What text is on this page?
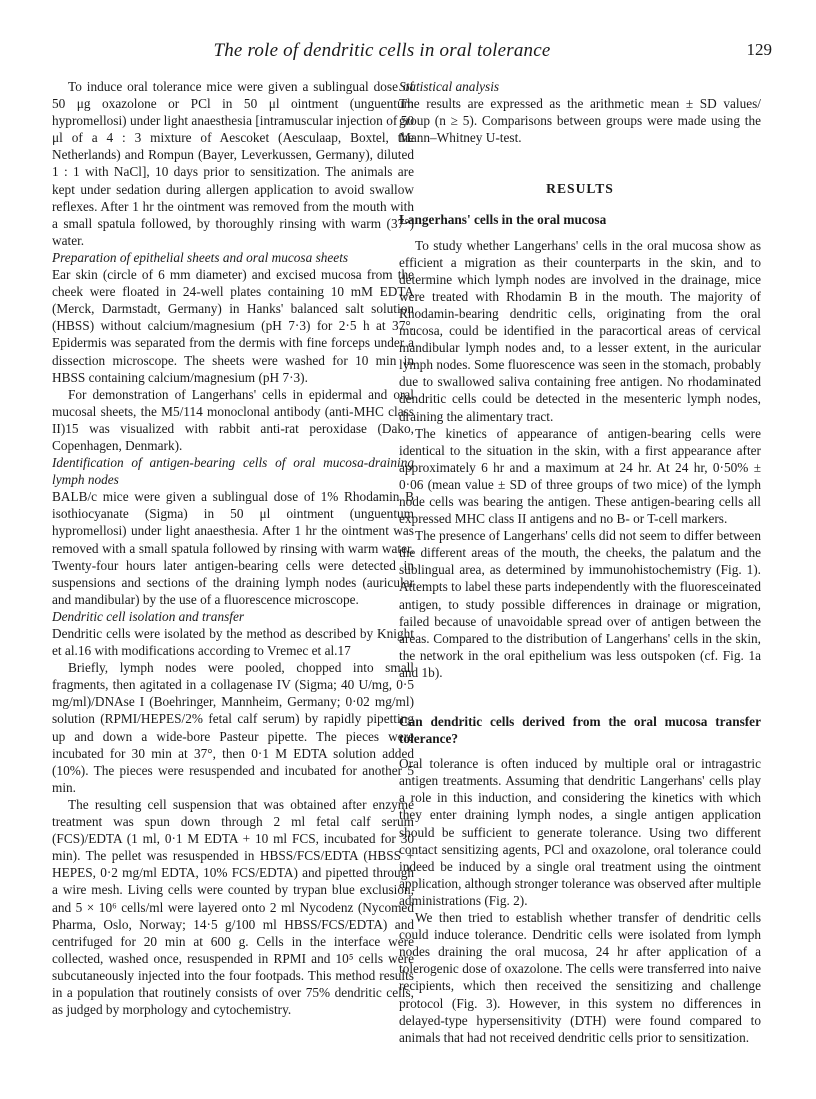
The role of dendritic cells in oral tolerance	129

To induce oral tolerance mice were given a sublingual dose of 50 μg oxazolone or PCl in 50 μl ointment (unguentum hypromellosi) under light anaesthesia [intramuscular injection of 50 μl of a 4 : 3 mixture of Aescoket (Aesculaap, Boxtel, the Netherlands) and Rompun (Bayer, Leverkussen, Germany), diluted 1 : 1 with NaCl], 10 days prior to sensitization. The animals are kept under sedation during allergen application to avoid swallow reflexes. After 1 hr the ointment was removed from the mouth with a small spatula followed, by thoroughly rinsing with warm (37°) water.

Preparation of epithelial sheets and oral mucosa sheets

Ear skin (circle of 6 mm diameter) and excised mucosa from the cheek were floated in 24-well plates containing 10 mM EDTA (Merck, Darmstadt, Germany) in Hanks' balanced salt solution (HBSS) without calcium/magnesium (pH 7·3) for 2·5 h at 37°. Epidermis was separated from the dermis with fine forceps under a dissection microscope. The sheets were washed for 10 min in HBSS containing calcium/magnesium (pH 7·3).

For demonstration of Langerhans' cells in epidermal and oral mucosal sheets, the M5/114 monoclonal antibody (anti-MHC class II)15 was visualized with rabbit anti-rat peroxidase (Dako, Copenhagen, Denmark).

Identification of antigen-bearing cells of oral mucosa-draining lymph nodes

BALB/c mice were given a sublingual dose of 1% Rhodamin B isothiocyanate (Sigma) in 50 μl ointment (unguentum hypromellosi) under light anaesthesia. After 1 hr the ointment was removed with a small spatula followed by rinsing with warm water. Twenty-four hours later antigen-bearing cells were detected in suspensions and sections of the draining lymph nodes (auricular and mandibular) by the use of a fluorescence microscope.

Dendritic cell isolation and transfer

Dendritic cells were isolated by the method as described by Knight et al.16 with modifications according to Vremec et al.17

Briefly, lymph nodes were pooled, chopped into small fragments, then agitated in a collagenase IV (Sigma; 40 U/mg, 0·5 mg/ml)/DNAse I (Boehringer, Mannheim, Germany; 0·02 mg/ml) solution (RPMI/HEPES/2% fetal calf serum) by rapidly pipetting up and down a wide-bore Pasteur pipette. The pieces were incubated for 30 min at 37°, then 0·1 M EDTA solution added (10%). The pieces were resuspended and incubated for another 5 min.

The resulting cell suspension that was obtained after enzyme treatment was spun down through 2 ml fetal calf serum (FCS)/EDTA (1 ml, 0·1 M EDTA + 10 ml FCS, incubated for 30 min). The pellet was resuspended in HBSS/FCS/EDTA (HBSS + HEPES, 0·2 mg/ml EDTA, 10% FCS/EDTA) and pipetted through a wire mesh. Living cells were counted by trypan blue exclusion, and 5 × 10⁶ cells/ml were layered onto 2 ml Nycodenz (Nycomed Pharma, Oslo, Norway; 14·5 g/100 ml HBSS/FCS/EDTA) and centrifuged for 20 min at 600 g. Cells in the interface were collected, washed once, resuspended in RPMI and 10⁵ cells were subcutaneously injected into the four footpads. This method results in a population that routinely consists of over 75% dendritic cells, as judged by morphology and cytochemistry.

Statistical analysis

The results are expressed as the arithmetic mean ± SD values/ group (n ≥ 5). Comparisons between groups were made using the Mann–Whitney U-test.

RESULTS

Langerhans' cells in the oral mucosa

To study whether Langerhans' cells in the oral mucosa show as efficient a migration as their counterparts in the skin, and to determine which lymph nodes are involved in the drainage, mice were treated with Rhodamin B in the mouth. The majority of Rhodamin-bearing dendritic cells, originating from the oral mucosa, could be identified in the paracortical areas of cervical mandibular lymph nodes and, to a lesser extent, in the auricular lymph nodes. Some fluorescence was seen in the stomach, probably due to swallowed saliva containing free antigen. No rhodaminated dendritic cells could be detected in the mesenteric lymph nodes, draining the alimentary tract.

The kinetics of appearance of antigen-bearing cells were identical to the situation in the skin, with a first appearance after approximately 6 hr and a maximum at 24 hr. At 24 hr, 0·50% ± 0·06 (mean value ± SD of three groups of two mice) of the lymph node cells was bearing the antigen. These antigen-bearing cells all expressed MHC class II antigens and no B- or T-cell markers.

The presence of Langerhans' cells did not seem to differ between the different areas of the mouth, the cheeks, the palatum and the sublingual area, as determined by immunohistochemistry (Fig. 1). Attempts to label these parts independently with the fluoresceinated antigen, to study possible differences in drainage or migration, failed because of unavoidable spread over of antigen between the areas. Compared to the distribution of Langerhans' cells in the skin, the network in the oral epithelium was less outspoken (cf. Fig. 1a and 1b).

Can dendritic cells derived from the oral mucosa transfer tolerance?

Oral tolerance is often induced by multiple oral or intragastric antigen treatments. Assuming that dendritic Langerhans' cells play a role in this induction, and considering the kinetics with which they enter draining lymph nodes, a single antigen application should be sufficient to generate tolerance. Using two different contact sensitizing agents, PCl and oxazolone, oral tolerance could indeed be induced by a single oral treatment using the ointment application, although stronger tolerance was observed after multiple administrations (Fig. 2).

We then tried to establish whether transfer of dendritic cells could induce tolerance. Dendritic cells were isolated from lymph nodes draining the oral mucosa, 24 hr after application of a tolerogenic dose of oxazolone. The cells were transferred into naive recipients, which then received the sensitizing and challenge protocol (Fig. 3). However, in this system no differences in delayed-type hypersensitivity (DTH) were found compared to animals that had not received dendritic cells prior to sensitization.
